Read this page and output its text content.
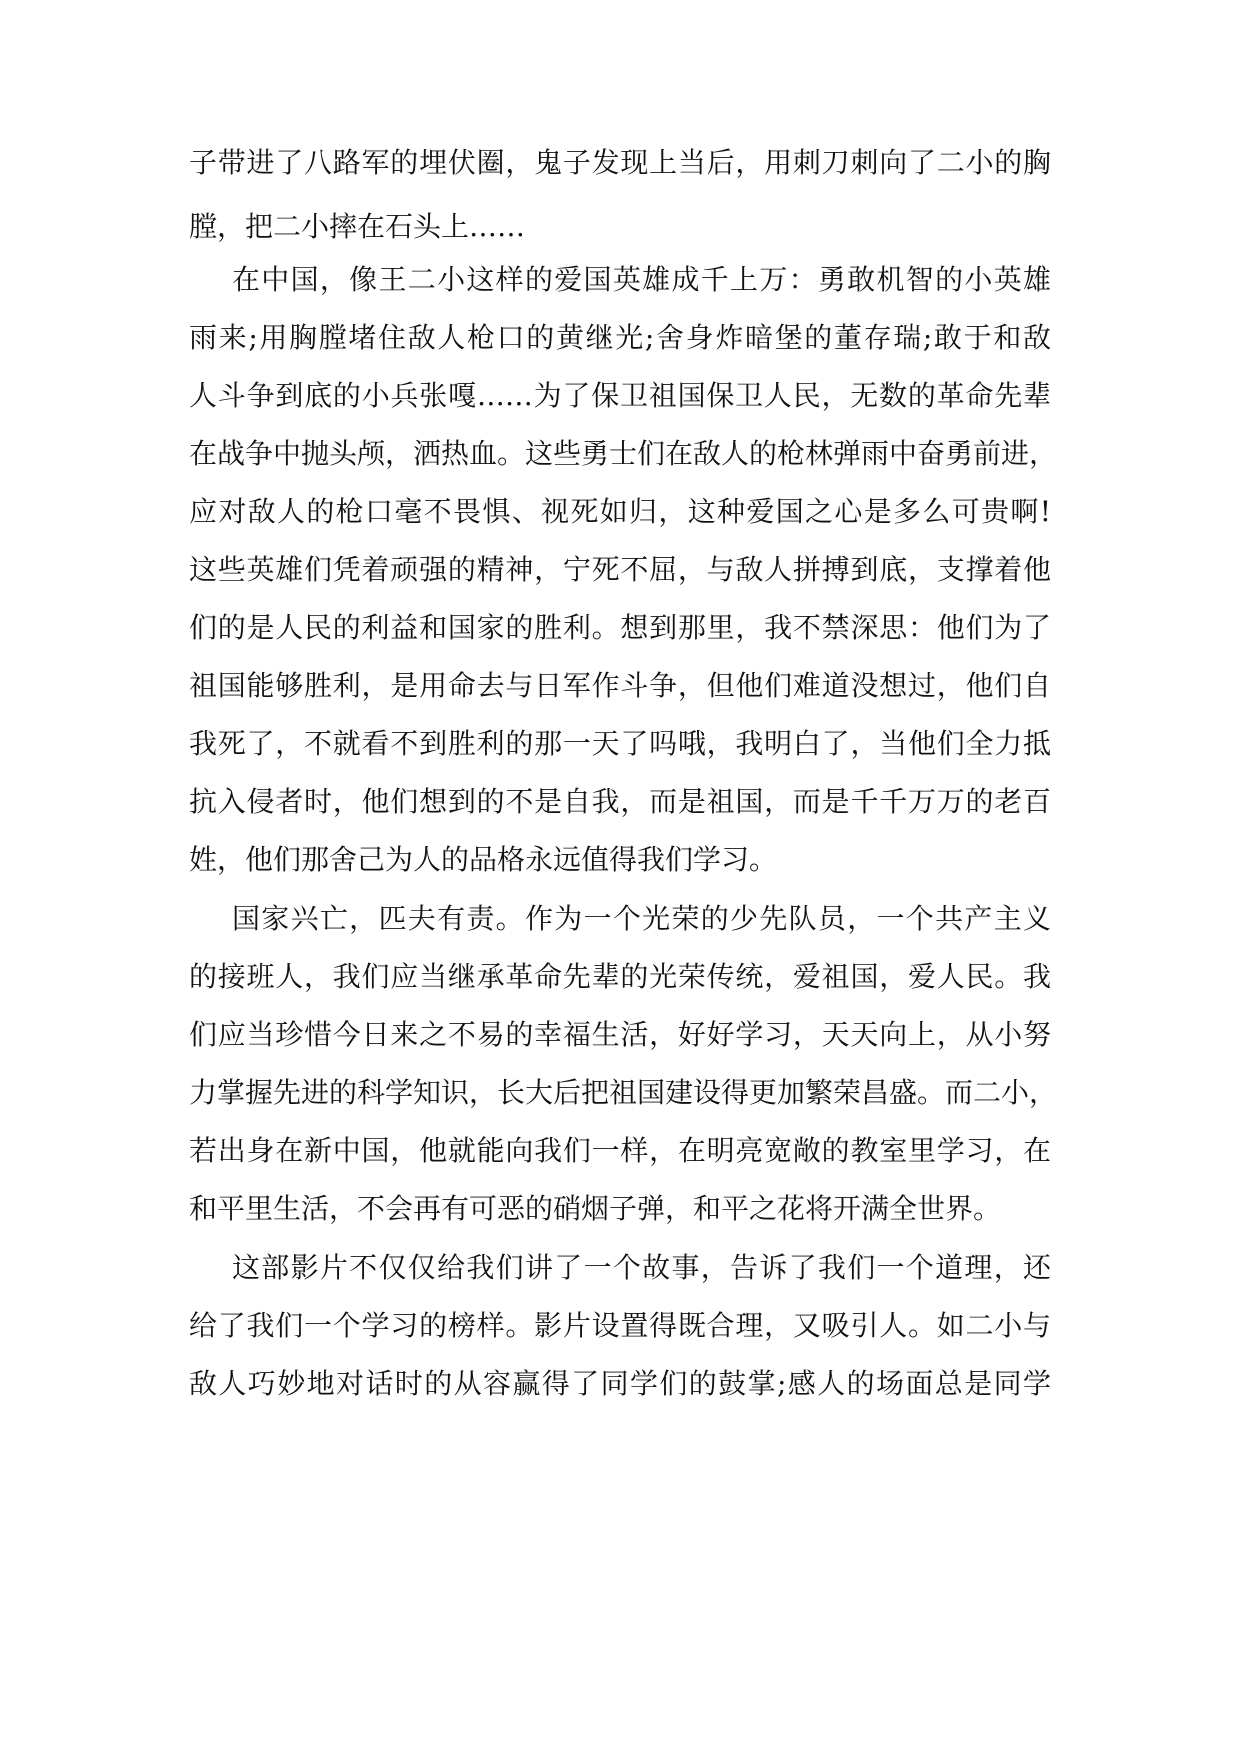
子带进了八路军的埋伏圈，鬼子发现上当后，用刺刀刺向了二小的胸
膛，把二小摔在石头上……
在中国，像王二小这样的爱国英雄成千上万：勇敢机智的小英雄
雨来;用胸膛堵住敌人枪口的黄继光;舍身炸暗堡的董存瑞;敢于和敌
人斗争到底的小兵张嘎……为了保卫祖国保卫人民，无数的革命先辈
在战争中抛头颅，洒热血。这些勇士们在敌人的枪林弹雨中奋勇前进，
应对敌人的枪口毫不畏惧、视死如归，这种爱国之心是多么可贵啊!
这些英雄们凭着顽强的精神，宁死不屈，与敌人拼搏到底，支撑着他
们的是人民的利益和国家的胜利。想到那里，我不禁深思：他们为了
祖国能够胜利，是用命去与日军作斗争，但他们难道没想过，他们自
我死了，不就看不到胜利的那一天了吗哦，我明白了，当他们全力抵
抗入侵者时，他们想到的不是自我，而是祖国，而是千千万万的老百
姓，他们那舍己为人的品格永远值得我们学习。
国家兴亡，匹夫有责。作为一个光荣的少先队员，一个共产主义
的接班人，我们应当继承革命先辈的光荣传统，爱祖国，爱人民。我
们应当珍惜今日来之不易的幸福生活，好好学习，天天向上，从小努
力掌握先进的科学知识，长大后把祖国建设得更加繁荣昌盛。而二小，
若出身在新中国，他就能向我们一样，在明亮宽敞的教室里学习，在
和平里生活，不会再有可恶的硝烟子弹，和平之花将开满全世界。
这部影片不仅仅给我们讲了一个故事，告诉了我们一个道理，还
给了我们一个学习的榜样。影片设置得既合理，又吸引人。如二小与
敌人巧妙地对话时的从容赢得了同学们的鼓掌;感人的场面总是同学
